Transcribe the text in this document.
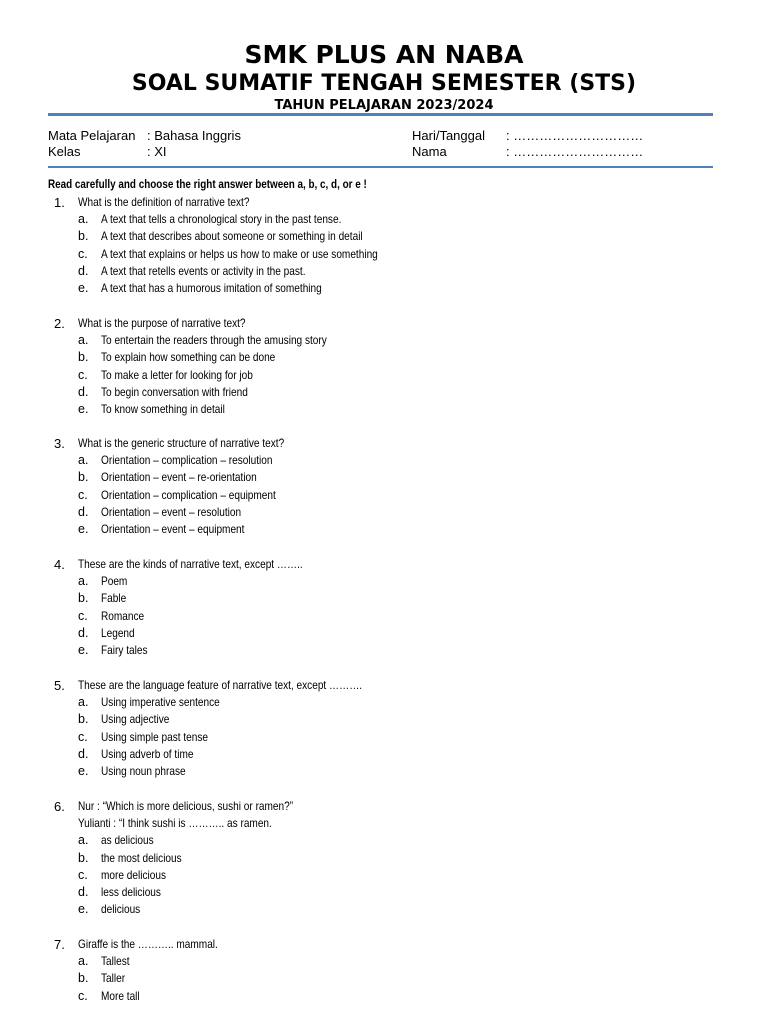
SMK PLUS AN NABA
SOAL SUMATIF TENGAH SEMESTER (STS)
TAHUN PELAJARAN 2023/2024
Mata Pelajaran : Bahasa Inggris
Kelas	: XI
Hari/Tanggal : …………………………
Nama	: …………………………
Read carefully and choose the right answer between a, b, c, d, or e !
1. What is the definition of narrative text?
a. A text that tells a chronological story in the past tense.
b. A text that describes about someone or something in detail
c. A text that explains or helps us how to make or use something
d. A text that retells events or activity in the past.
e. A text that has a humorous imitation of something
2. What is the purpose of narrative text?
a. To entertain the readers through the amusing story
b. To explain how something can be done
c. To make a letter for looking for job
d. To begin conversation with friend
e. To know something in detail
3. What is the generic structure of narrative text?
a. Orientation – complication – resolution
b. Orientation – event – re-orientation
c. Orientation – complication – equipment
d. Orientation – event – resolution
e. Orientation – event – equipment
4. These are the kinds of narrative text, except ……..
a. Poem
b. Fable
c. Romance
d. Legend
e. Fairy tales
5. These are the language feature of narrative text, except ……….
a. Using imperative sentence
b. Using adjective
c. Using simple past tense
d. Using adverb of time
e. Using noun phrase
6. Nur : “Which is more delicious, sushi or ramen?”
Yulianti : “I think sushi is ……….. as ramen.
a. as delicious
b. the most delicious
c. more delicious
d. less delicious
e. delicious
7. Giraffe is the ……….. mammal.
a. Tallest
b. Taller
c. More tall
